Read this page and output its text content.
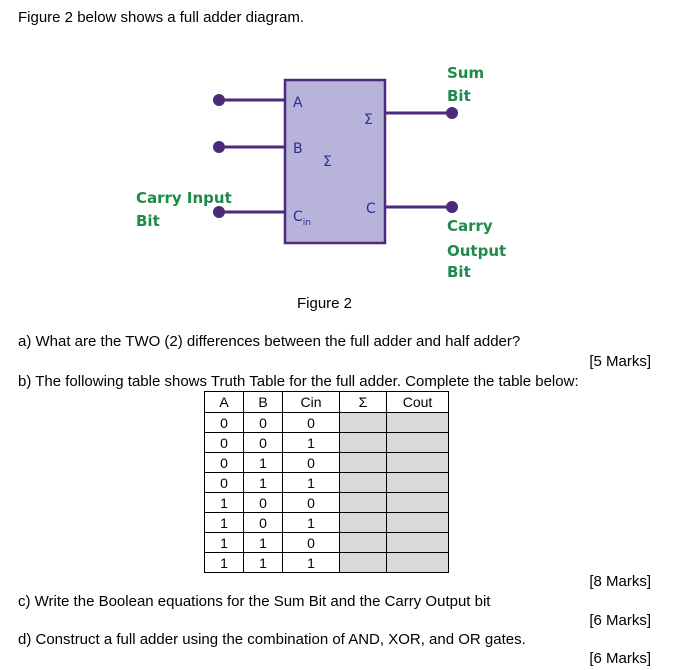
Figure 2 below shows a full adder diagram.
A
B
$C_{in}$
Σ
C
Σ
Sum
Bit
Carry Input
Bit	Carry
Output
Bit
Figure 2
a) What are the TWO (2) differences between the full adder and half adder?
[5 Marks]
b) The following table shows Truth Table for the full adder. Complete the table below:
A	B	Cin	Σ	Cout
0	0	0		
0	0	1		
0	1	0		
0	1	1		
1	0	0		
1	0	1		
1	1	0		
1	1	1		
[8 Marks]
c) Write the Boolean equations for the Sum Bit and the Carry Output bit
[6 Marks]
d) Construct a full adder using the combination of AND, XOR, and OR gates.
[6 Marks]
